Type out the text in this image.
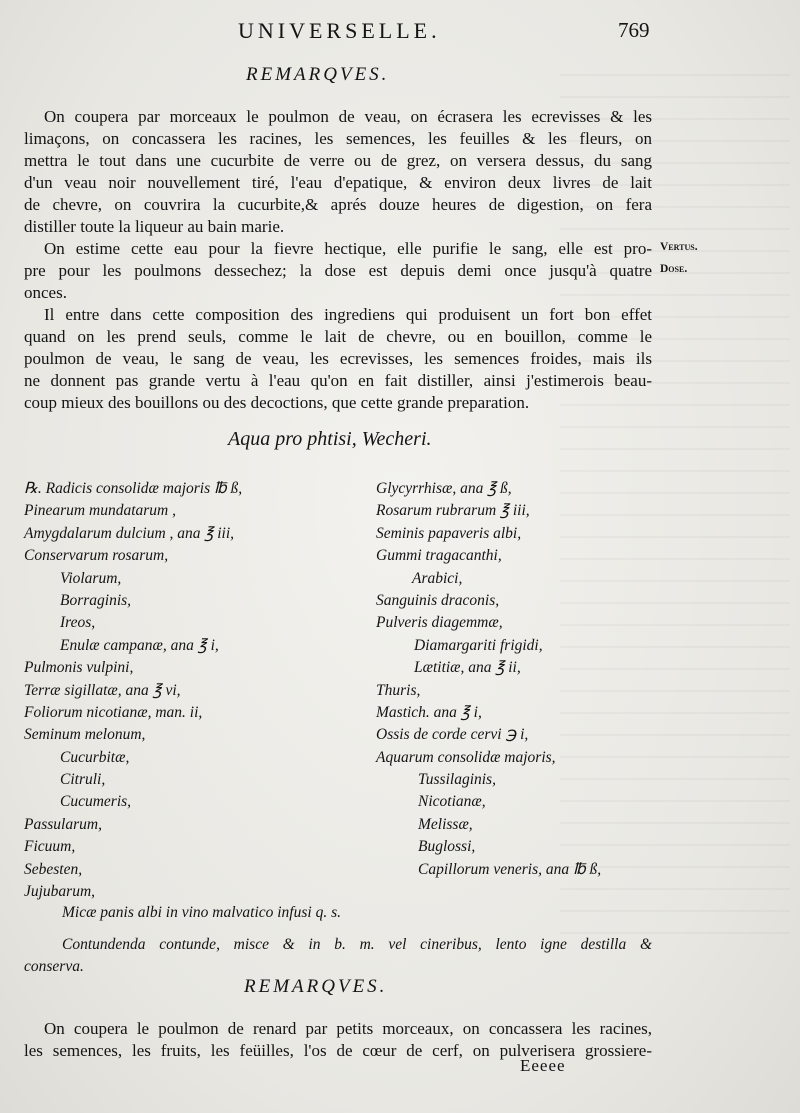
UNIVERSELLE.	769
REMARQVES.
On coupera par morceaux le poulmon de veau, on écrasera les ecrevisses & les
limaçons, on concassera les racines, les semences, les feuilles & les fleurs, on
mettra le tout dans une cucurbite de verre ou de grez, on versera dessus, du sang
d'un veau noir nouvellement tiré, l'eau d'epatique, & environ deux livres de lait
de chevre, on couvrira la cucurbite,& aprés douze heures de digestion, on fera
distiller toute la liqueur au bain marie.
On estime cette eau pour la fievre hectique, elle purifie le sang, elle est pro-
pre pour les poulmons dessechez; la dose est depuis demi once jusqu'à quatre
onces.
Vertus.
Dose.
Il entre dans cette composition des ingrediens qui produisent un fort bon effet
quand on les prend seuls, comme le lait de chevre, ou en bouillon, comme le
poulmon de veau, le sang de veau, les ecrevisses, les semences froides, mais ils
ne donnent pas grande vertu à l'eau qu'on en fait distiller, ainsi j'estimerois beau-
coup mieux des bouillons ou des decoctions, que cette grande preparation.
Aqua pro phtisi, Wecheri.
℞. Radicis consolidæ majoris ℔ ß,
Pinearum mundatarum ,
Amygdalarum dulcium , ana ℥ iii,
Conservarum rosarum,
Violarum,
Borraginis,
Ireos,
Enulæ campanæ, ana ℥ i,
Pulmonis vulpini,
Terræ sigillatæ, ana ℥ vi,
Foliorum nicotianæ, man. ii,
Seminum melonum,
Cucurbitæ,
Citruli,
Cucumeris,
Passularum,
Ficuum,
Sebesten,
Jujubarum,
Glycyrrhisæ, ana ℥ ß,
Rosarum rubrarum ℥ iii,
Seminis papaveris albi,
Gummi tragacanthi,
Arabici,
Sanguinis draconis,
Pulveris diagemmæ,
Diamargariti frigidi,
Lætitiæ, ana ℥ ii,
Thuris,
Mastich. ana ℥ i,
Ossis de corde cervi ℈ i,
Aquarum consolidæ majoris,
Tussilaginis,
Nicotianæ,
Melissæ,
Buglossi,
Capillorum veneris, ana ℔ ß,
Micæ panis albi in vino malvatico infusi q. s.
Contundenda contunde, misce & in b. m. vel cineribus, lento igne destilla &
conserva.
REMARQVES.
On coupera le poulmon de renard par petits morceaux, on concassera les racines,
les semences, les fruits, les feüilles, l'os de cœur de cerf, on pulverisera grossiere-
Eeeee
